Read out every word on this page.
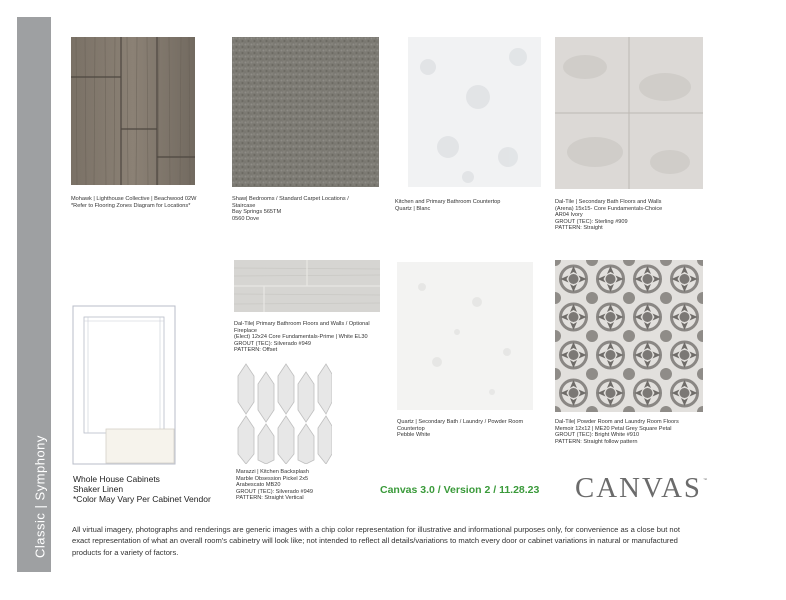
Classic | Symphony
Mohawk | Lighthouse Collective | Beachwood 02W
*Refer to Flooring Zones Diagram for Locations*
Shaw| Bedrooms / Standard Carpet Locations /
Staircase
Bay Springs 565TM
0560 Dove
Kitchen and Primary Bathroom Countertop
Quartz | Blanc
Dal-Tile | Secondary Bath Floors and Walls
(Arena) 15x15- Core Fundamentals-Choice
AR04 Ivory
GROUT (TEC): Sterling #909
PATTERN: Straight
Whole House Cabinets
Shaker Linen
*Color May Vary Per Cabinet Vendor
Dal-Tile| Primary Bathroom Floors and Walls / Optional
Fireplace
(Elect) 12x24 Core Fundamentals-Prime | White EL30
GROUT (TEC): Silverado #949
PATTERN: Offset
Marazzi | Kitchen Backsplash
Marble Obsession Pickel 2x5
Arabescato MB20
GROUT (TEC): Silverado #949
PATTERN: Straight Vertical
Quartz | Secondary Bath / Laundry / Powder Room
Countertop
Pebble White
Dal-Tile| Powder Room and Laundry Room Floors
Memoir 12x12 | ME20 Petal Grey Square Petal
GROUT (TEC): Bright White #910
PATTERN: Straight follow pattern
Canvas 3.0 / Version 2 / 11.28.23 CANVAS ™
All virtual imagery, photographs and renderings are generic images with a chip color representation for illustrative and informational purposes only, for convenience as a close but not exact representation of what an overall room's cabinetry will look like; not intended to reflect all details/variations to match every door or cabinet variations in natural or manufactured products for a variety of factors.
